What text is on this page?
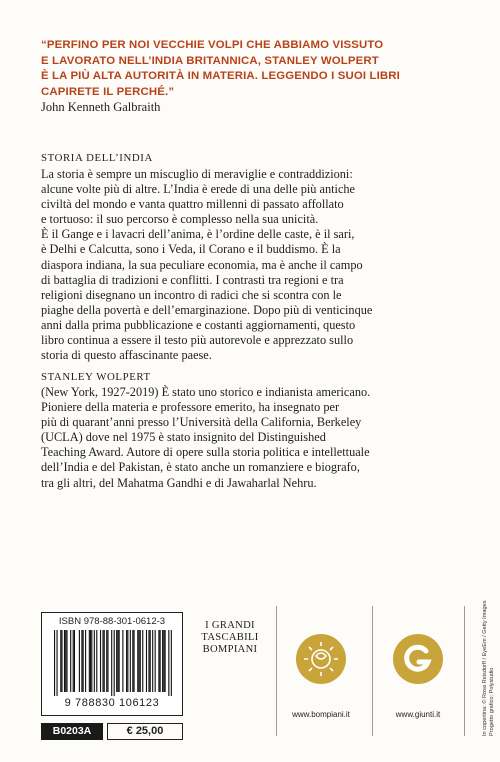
“PERFINO PER NOI VECCHIE VOLPI CHE ABBIAMO VISSUTO
E LAVORATO NELL’INDIA BRITANNICA, STANLEY WOLPERT
È LA PIÙ ALTA AUTORITÀ IN MATERIA. LEGGENDO I SUOI LIBRI
CAPIRETE IL PERCHÉ.”
John Kenneth Galbraith
STORIA DELL’INDIA
La storia è sempre un miscuglio di meraviglie e contraddizioni:
alcune volte più di altre. L’India è erede di una delle più antiche
civiltà del mondo e vanta quattro millenni di passato affollato
e tortuoso: il suo percorso è complesso nella sua unicità.
È il Gange e i lavacri dell’anima, è l’ordine delle caste, è il sari,
è Delhi e Calcutta, sono i Veda, il Corano e il buddismo. È la
diaspora indiana, la sua peculiare economia, ma è anche il campo
di battaglia di tradizioni e conflitti. I contrasti tra regioni e tra
religioni disegnano un incontro di radici che si scontra con le
piaghe della povertà e dell’emarginazione. Dopo più di venticinque
anni dalla prima pubblicazione e costanti aggiornamenti, questo
libro continua a essere il testo più autorevole e apprezzato sullo
storia di questo affascinante paese.
STANLEY WOLPERT
(New York, 1927-2019) È stato uno storico e indianista americano.
Pioniere della materia e professore emerito, ha insegnato per
più di quarant’anni presso l’Università della California, Berkeley
(UCLA) dove nel 1975 è stato insignito del Distinguished
Teaching Award. Autore di opere sulla storia politica e intellettuale
dell’India e del Pakistan, è stato anche un romanziere e biografo,
tra gli altri, del Mahatma Gandhi e di Jawaharlal Nehru.
ISBN 978-88-301-0612-3
9 788830 106123
B0203A	€ 25,00
I GRANDI
TASCABILI
BOMPIANI
www.bompiani.it	www.giunti.it	In copertina: © Rosa Reisdorff / EyeEm / Getty Images Progetto grafico: Polystudio
